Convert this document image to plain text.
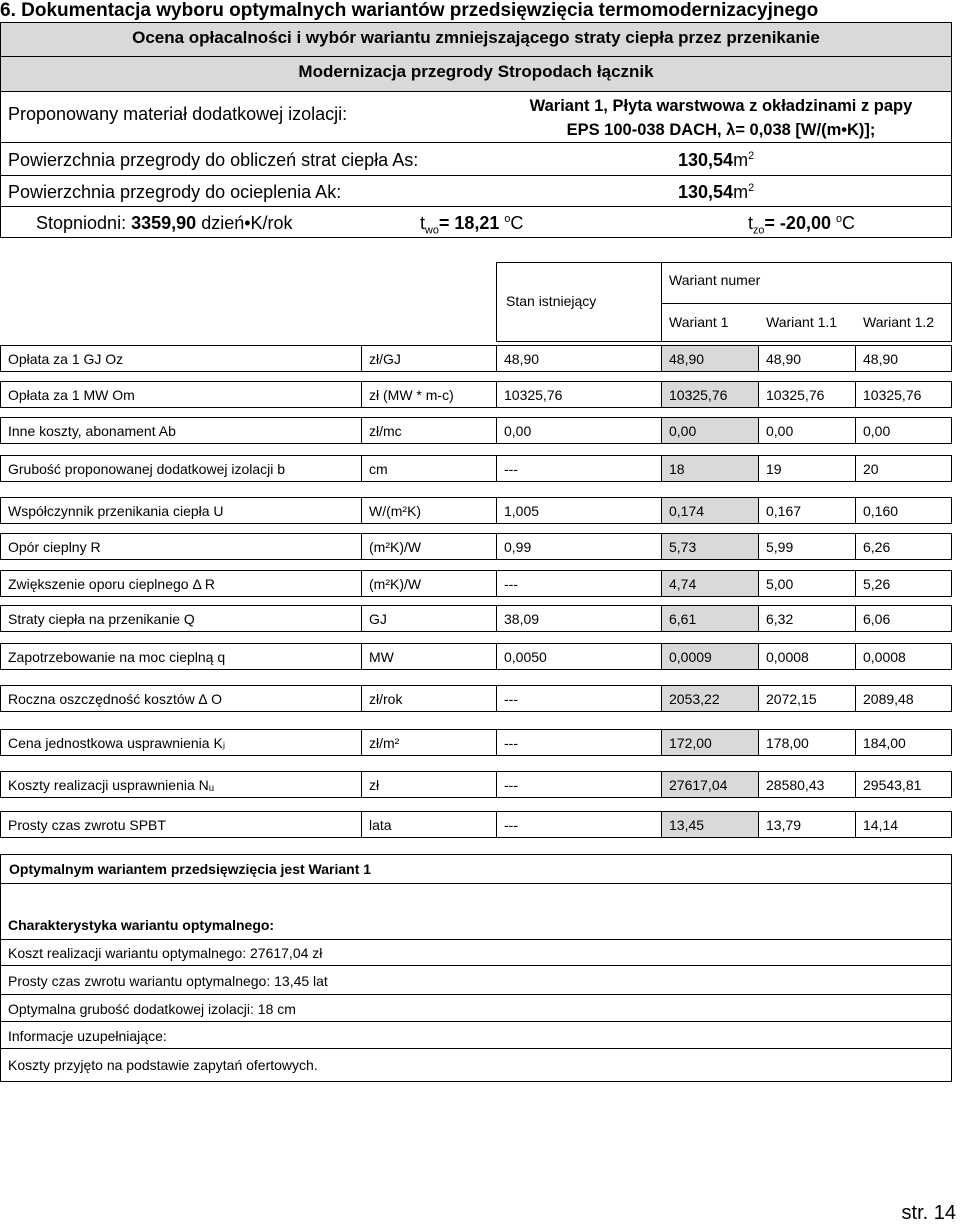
6. Dokumentacja wyboru optymalnych wariantów przedsięwzięcia termomodernizacyjnego
Ocena opłacalności i wybór wariantu zmniejszającego straty ciepła przez przenikanie
Modernizacja przegrody Stropodach łącznik
Proponowany materiał dodatkowej izolacji:	Wariant 1, Płyta warstwowa z okładzinami z papy
EPS 100-038 DACH, λ= 0,038 [W/(m•K)];
Powierzchnia przegrody do obliczeń strat ciepła As:	$130,54m^2$
Powierzchnia przegrody do ocieplenia Ak:	$130,54m^2$
Stopniodni: 3359,90 dzień•K/rok	$t_{wo}= 18,21$ $^o$C	$t_{zo}= -20,00$ $^o$C
Stan istniejący
Wariant numer
Wariant 1	Wariant 1.1 Wariant 1.2
Opłata za 1 GJ Oz	zł/GJ	48,90	48,90	48,90	48,90
Opłata za 1 MW Om	zł (MW * m-c)	10325,76	10325,76	10325,76	10325,76
Inne koszty, abonament Ab	zł/mc	0,00	0,00	0,00	0,00
Grubość proponowanej dodatkowej izolacji b	cm	---	18	19	20
Współczynnik przenikania ciepła U	W/(m²K)	1,005	0,174	0,167	0,160
Opór cieplny R	(m²K)/W	0,99	5,73	5,99	6,26
Zwiększenie oporu cieplnego Δ R	(m²K)/W	---	4,74	5,00	5,26
Straty ciepła na przenikanie Q	GJ	38,09	6,61	6,32	6,06
Zapotrzebowanie na moc cieplną q	MW	0,0050	0,0009	0,0008	0,0008
Roczna oszczędność kosztów ∆ O	zł/rok	---	2053,22	2072,15	2089,48
Cena jednostkowa usprawnienia Kⱼ	zł/m²	---	172,00	178,00	184,00
Koszty realizacji usprawnienia Nᵤ	zł	---	27617,04	28580,43	29543,81
Prosty czas zwrotu SPBT	lata	---	13,45	13,79	14,14
Optymalnym wariantem przedsięwzięcia jest Wariant 1
Charakterystyka wariantu optymalnego:
Koszt realizacji wariantu optymalnego: 27617,04 zł
Prosty czas zwrotu wariantu optymalnego: 13,45 lat
Optymalna grubość dodatkowej izolacji: 18 cm
Informacje uzupełniające:
Koszty przyjęto na podstawie zapytań ofertowych.
str. 14
